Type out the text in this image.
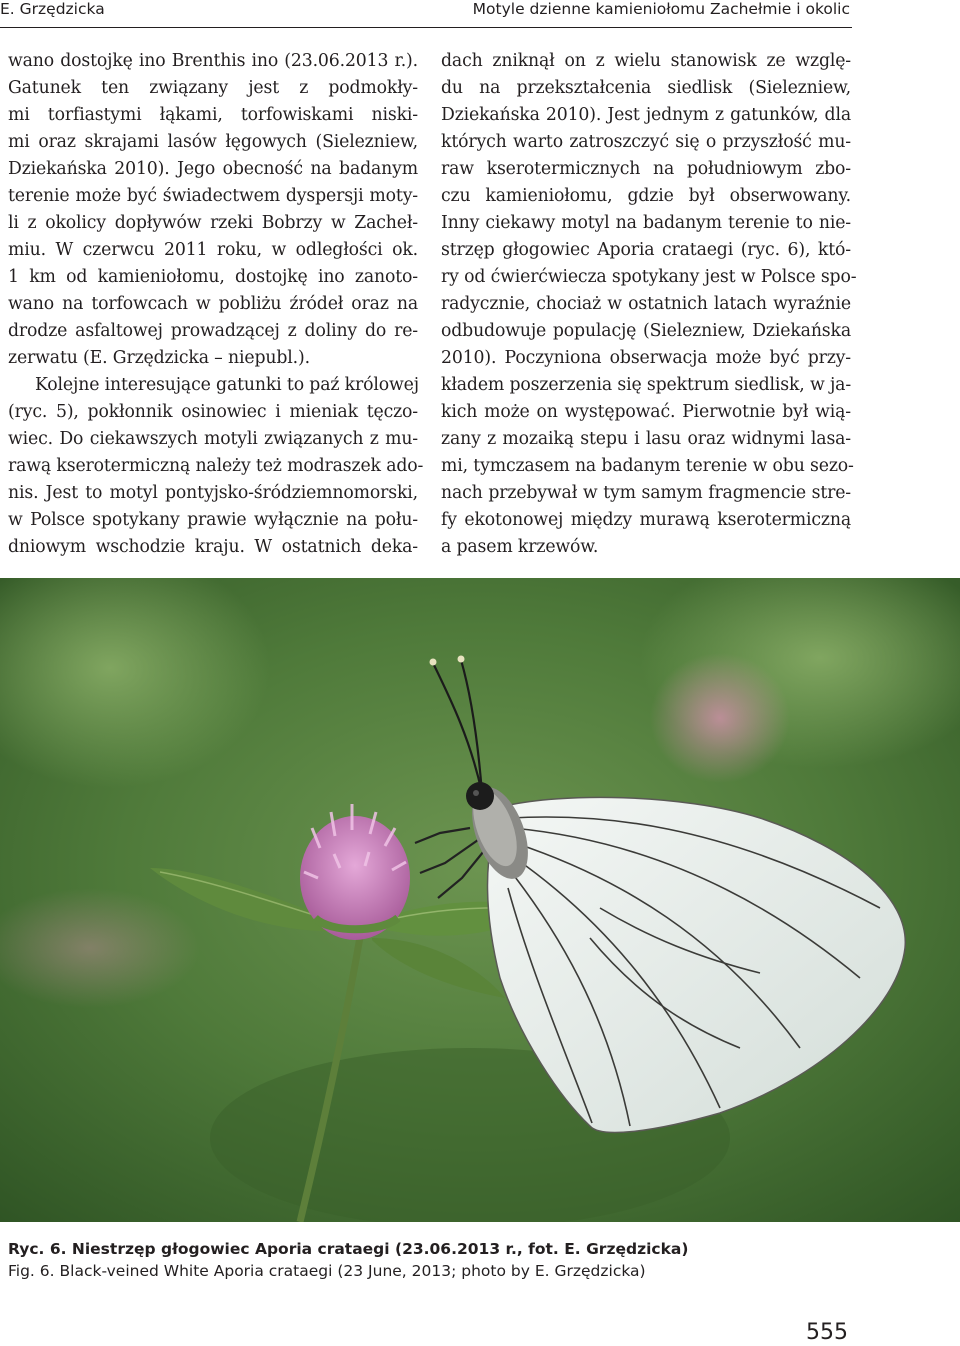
E. Grzędzicka	Motyle dzienne kamieniołomu Zachełmie i okolic
wano dostojkę ino Brenthis ino (23.06.2013 r.).
Gatunek ten związany jest z podmokły-
mi torfiastymi łąkami, torfowiskami niski-
mi oraz skrajami lasów łęgowych (Sielezniew,
Dziekańska 2010). Jego obecność na badanym
terenie może być świadectwem dyspersji moty-
li z okolicy dopływów rzeki Bobrzy w Zacheł-
miu. W czerwcu 2011 roku, w odległości ok.
1 km od kamieniołomu, dostojkę ino zanoto-
wano na torfowcach w pobliżu źródeł oraz na
drodze asfaltowej prowadzącej z doliny do re-
zerwatu (E. Grzędzicka – niepubl.).
Kolejne interesujące gatunki to paź królowej
(ryc. 5), pokłonnik osinowiec i mieniak tęczo-
wiec. Do ciekawszych motyli związanych z mu-
rawą kserotermiczną należy też modraszek ado-
nis. Jest to motyl pontyjsko-śródziemnomorski,
w Polsce spotykany prawie wyłącznie na połu-
dniowym wschodzie kraju. W ostatnich deka-
dach zniknął on z wielu stanowisk ze wzglę-
du na przekształcenia siedlisk (Sielezniew,
Dziekańska 2010). Jest jednym z gatunków, dla
których warto zatroszczyć się o przyszłość mu-
raw kserotermicznych na południowym zbo-
czu kamieniołomu, gdzie był obserwowany.
Inny ciekawy motyl na badanym terenie to nie-
strzęp głogowiec Aporia crataegi (ryc. 6), któ-
ry od ćwierćwiecza spotykany jest w Polsce spo-
radycznie, chociaż w ostatnich latach wyraźnie
odbudowuje populację (Sielezniew, Dziekańska
2010). Poczyniona obserwacja może być przy-
kładem poszerzenia się spektrum siedlisk, w ja-
kich może on występować. Pierwotnie był wią-
zany z mozaiką stepu i lasu oraz widnymi lasa-
mi, tymczasem na badanym terenie w obu sezo-
nach przebywał w tym samym fragmencie stre-
fy ekotonowej między murawą kserotermiczną
a pasem krzewów.
Ryc. 6. Niestrzęp głogowiec Aporia crataegi (23.06.2013 r., fot. E. Grzędzicka)
Fig. 6. Black-veined White Aporia crataegi (23 June, 2013; photo by E. Grzędzicka)
555
